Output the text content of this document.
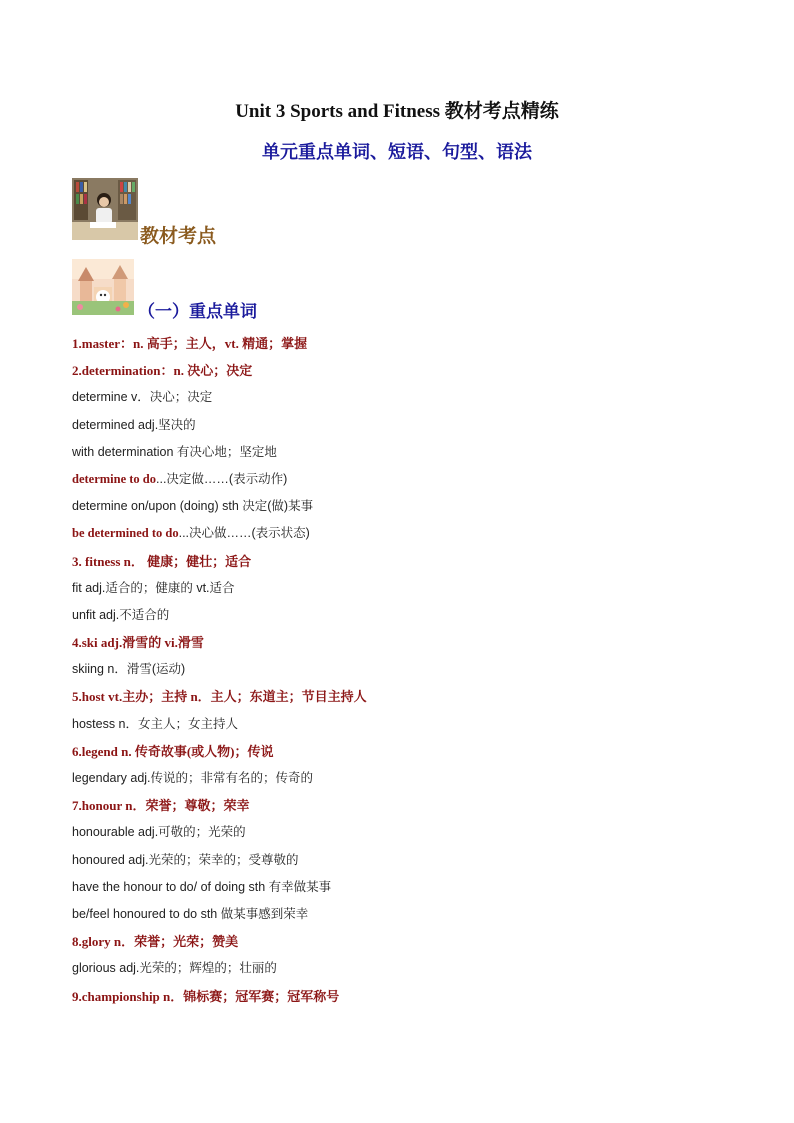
Unit 3 Sports and Fitness 教材考点精练
单元重点单词、短语、句型、语法
教材考点
（一）重点单词
1.master：n. 高手；主人，vt. 精通；掌握
2.determination：n. 决心；决定
determine v．决心；决定
determined adj.坚决的
with determination 有决心地；坚定地
determine to do...决定做……(表示动作)
determine on/upon (doing) sth 决定(做)某事
be determined to do...决心做……(表示状态)
3. fitness n． 健康；健壮；适合
fit adj.适合的；健康的 vt.适合
unfit adj.不适合的
4.ski adj.滑雪的 vi.滑雪
skiing n．滑雪(运动)
5.host vt.主办；主持 n．主人；东道主；节目主持人
hostess n．女主人；女主持人
6.legend n. 传奇故事(或人物)；传说
legendary adj.传说的；非常有名的；传奇的
7.honour n．荣誉；尊敬；荣幸
honourable adj.可敬的；光荣的
honoured adj.光荣的；荣幸的；受尊敬的
have the honour to do/ of doing sth 有幸做某事
be/feel honoured to do sth 做某事感到荣幸
8.glory n．荣誉；光荣；赞美
glorious adj.光荣的；辉煌的；壮丽的
9.championship n．锦标赛；冠军赛；冠军称号
